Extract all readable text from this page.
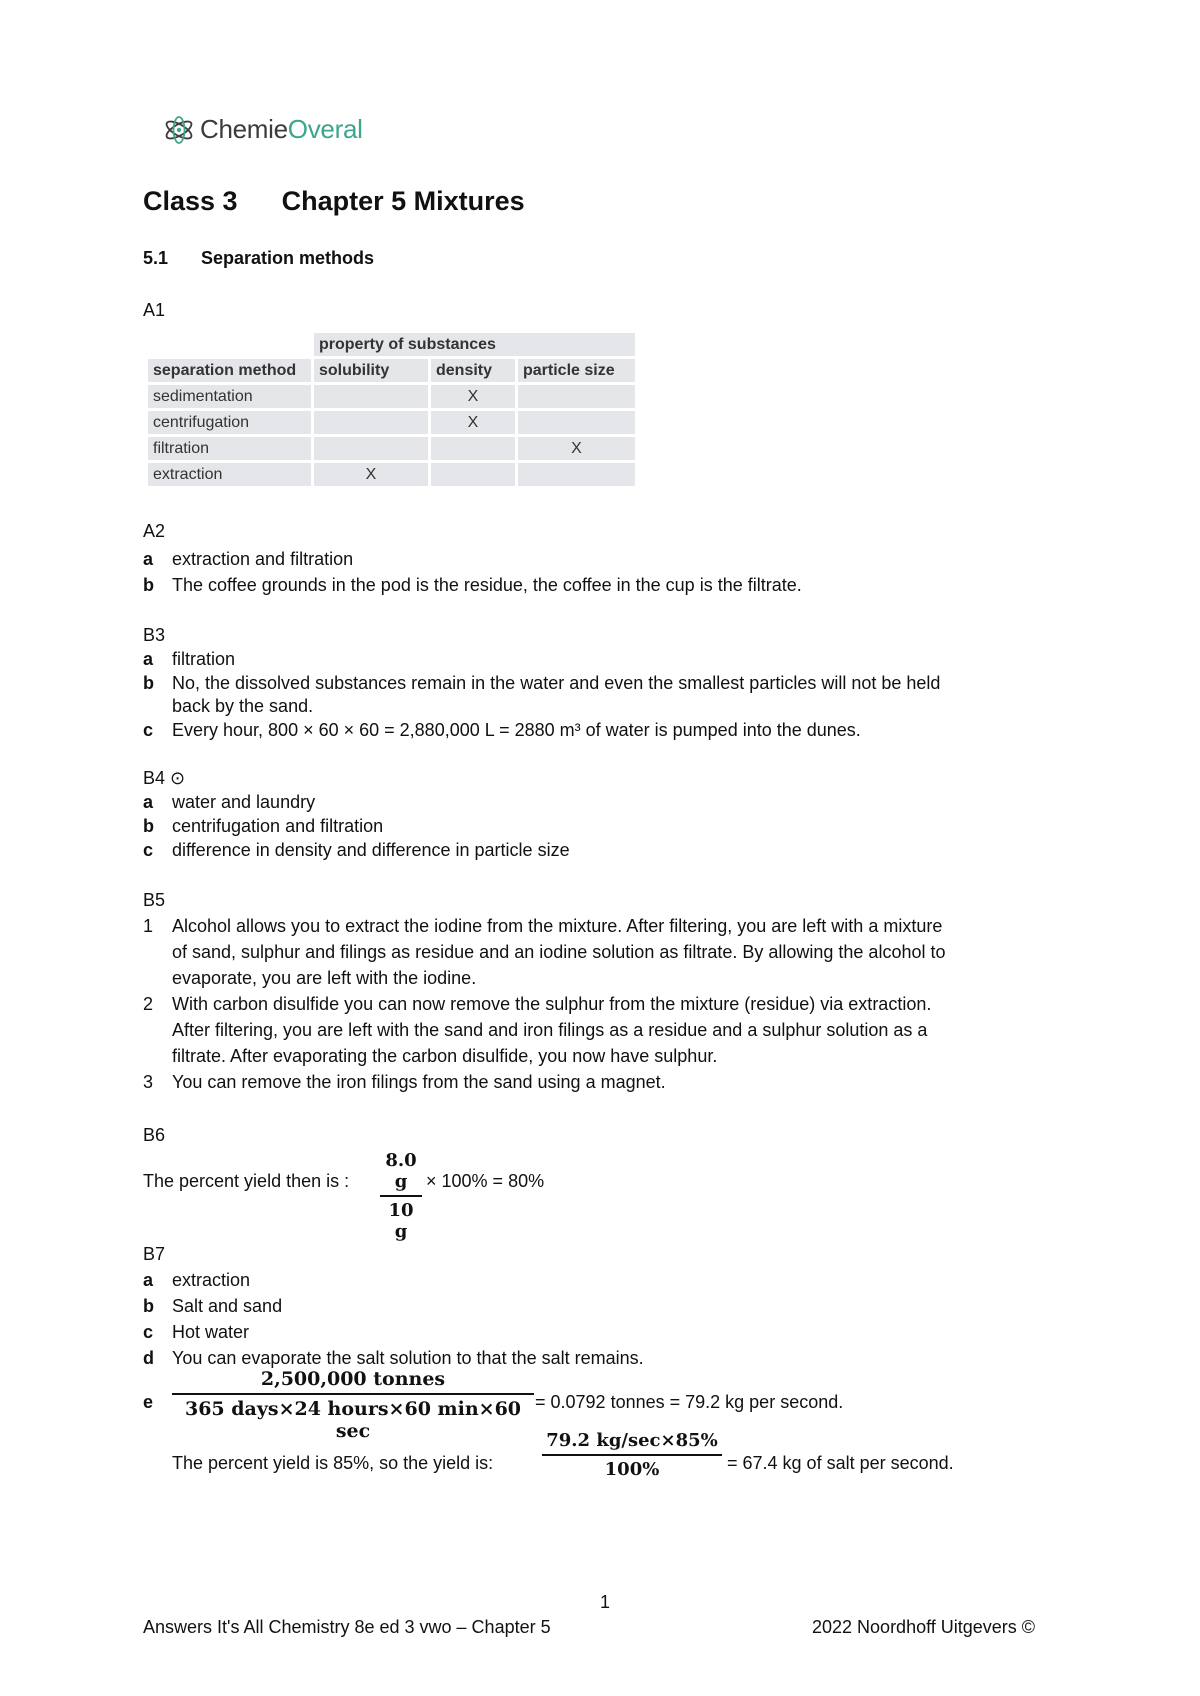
Chemie Overal
Class 3 Chapter 5 Mixtures
5.1 Separation methods
A1
	property of substances		
separation method	solubility	density	particle size
sedimentation		X	
centrifugation		X	
filtration			X
extraction	X		
A2
a extraction and filtration
b The coffee grounds in the pod is the residue, the coffee in the cup is the filtrate.
B3
a filtration
b No, the dissolved substances remain in the water and even the smallest particles will not be held
back by the sand.
c Every hour, 800 × 60 × 60 = 2,880,000 L = 2880 m³ of water is pumped into the dunes.
B4 ⊙
a water and laundry
b centrifugation and filtration
c difference in density and difference in particle size
B5
1 Alcohol allows you to extract the iodine from the mixture. After filtering, you are left with a mixture
of sand, sulphur and filings as residue and an iodine solution as filtrate. By allowing the alcohol to
evaporate, you are left with the iodine.
2 With carbon disulfide you can now remove the sulphur from the mixture (residue) via extraction.
After filtering, you are left with the sand and iron filings as a residue and a sulphur solution as a
filtrate. After evaporating the carbon disulfide, you now have sulphur.
3 You can remove the iron filings from the sand using a magnet.
B6
The percent yield then is :
8.0 g
10 g
× 100% = 80%
B7
a extraction
b Salt and sand
c Hot water
d You can evaporate the salt solution to that the salt remains.
e
2,500,000 tonnes
365 days×24 hours×60 min×60 sec
= 0.0792 tonnes = 79.2 kg per second.
The percent yield is 85%, so the yield is:
79.2 kg/sec×85%
100%	= 67.4 kg of salt per second.
1
Answers It's All Chemistry 8e ed 3 vwo – Chapter 5	2022 Noordhoff Uitgevers ©
